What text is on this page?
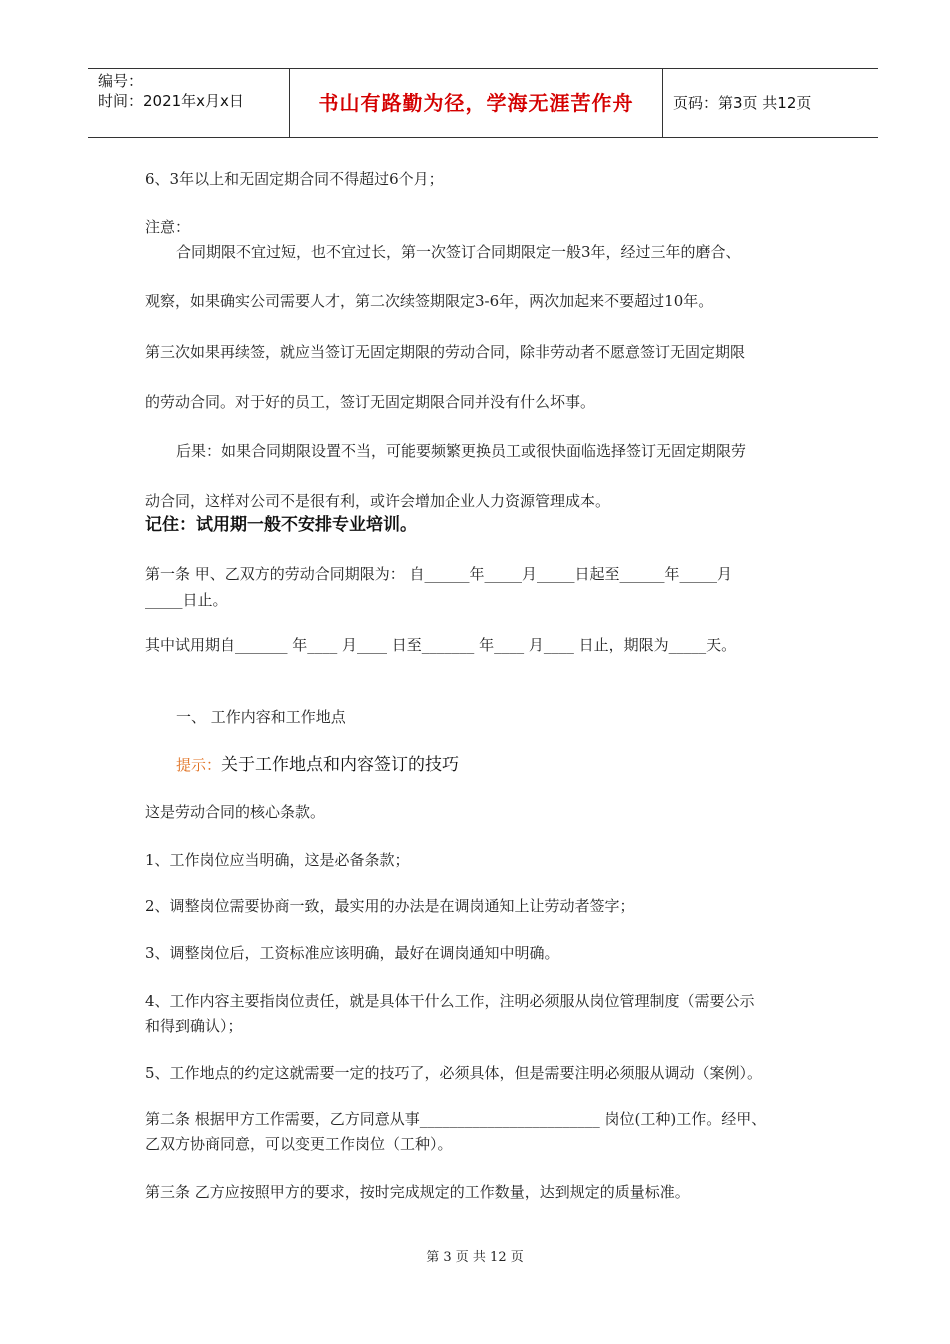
编号：
时间：2021年x月x日	书山有路勤为径，学海无涯苦作舟	页码：第3页 共12页
6、3年以上和无固定期合同不得超过6个月；
注意：
合同期限不宜过短，也不宜过长，第一次签订合同期限定一般3年，经过三年的磨合、
观察，如果确实公司需要人才，第二次续签期限定3-6年，两次加起来不要超过10年。
第三次如果再续签，就应当签订无固定期限的劳动合同，除非劳动者不愿意签订无固定期限
的劳动合同。对于好的员工，签订无固定期限合同并没有什么坏事。
后果：如果合同期限设置不当，可能要频繁更换员工或很快面临选择签订无固定期限劳
动合同，这样对公司不是很有利，或许会增加企业人力资源管理成本。
记住：试用期一般不安排专业培训。
第一条 甲、乙双方的劳动合同期限为： 自______年_____月_____日起至______年_____月
_____日止。
其中试用期自_______ 年____ 月____ 日至_______ 年____ 月____ 日止，期限为_____天。
一、 工作内容和工作地点
提示：关于工作地点和内容签订的技巧
这是劳动合同的核心条款。
1、工作岗位应当明确，这是必备条款；
2、调整岗位需要协商一致，最实用的办法是在调岗通知上让劳动者签字；
3、调整岗位后，工资标准应该明确，最好在调岗通知中明确。
4、工作内容主要指岗位责任，就是具体干什么工作，注明必须服从岗位管理制度（需要公示
和得到确认）；
5、工作地点的约定这就需要一定的技巧了，必须具体，但是需要注明必须服从调动（案例）。
第二条 根据甲方工作需要，乙方同意从事________________________ 岗位(工种)工作。经甲、
乙双方协商同意，可以变更工作岗位（工种）。
第三条 乙方应按照甲方的要求，按时完成规定的工作数量，达到规定的质量标准。
第 3 页 共 12 页
